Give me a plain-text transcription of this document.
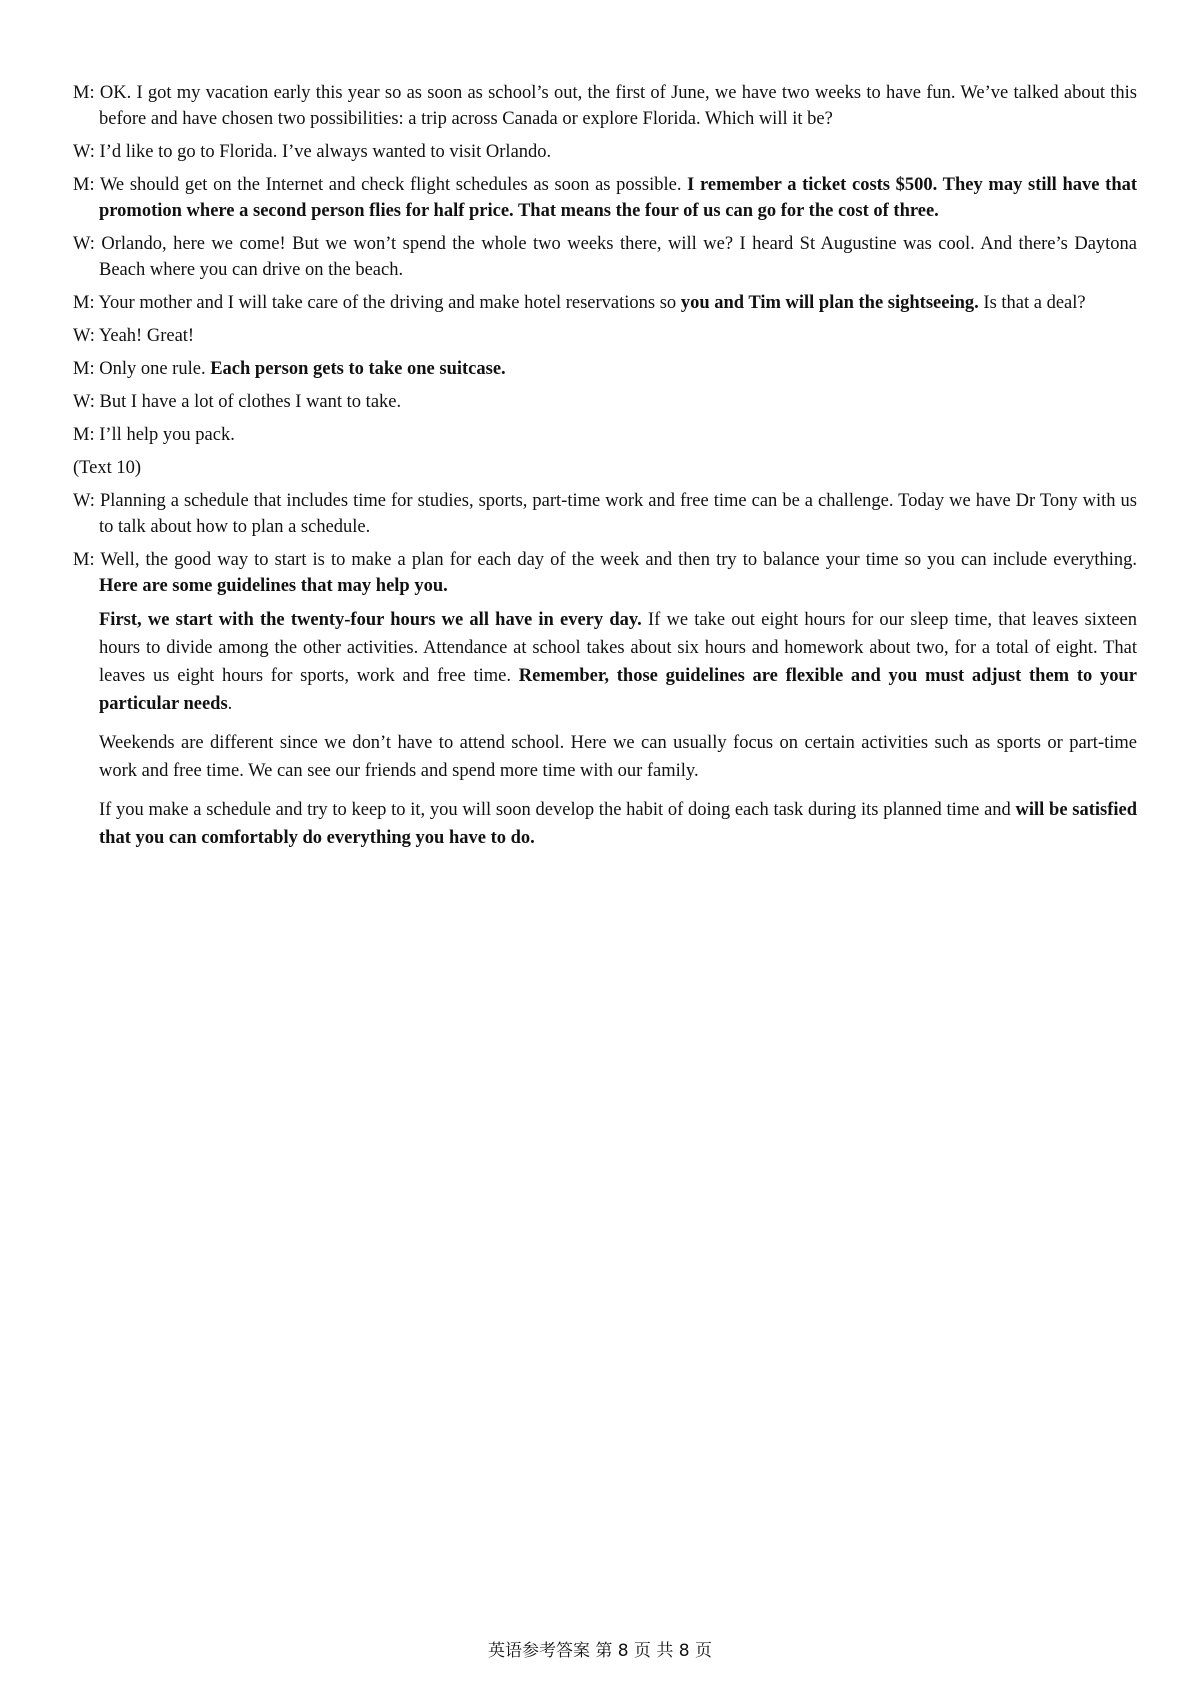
M: OK. I got my vacation early this year so as soon as school’s out, the first of June, we have two weeks to have fun. We’ve talked about this before and have chosen two possibilities: a trip across Canada or explore Florida. Which will it be?

W: I’d like to go to Florida. I’ve always wanted to visit Orlando.

M: We should get on the Internet and check flight schedules as soon as possible. I remember a ticket costs $500. They may still have that promotion where a second person flies for half price. That means the four of us can go for the cost of three.

W: Orlando, here we come! But we won’t spend the whole two weeks there, will we? I heard St Augustine was cool. And there’s Daytona Beach where you can drive on the beach.

M: Your mother and I will take care of the driving and make hotel reservations so you and Tim will plan the sightseeing. Is that a deal?

W: Yeah! Great!

M: Only one rule. Each person gets to take one suitcase.

W: But I have a lot of clothes I want to take.

M: I’ll help you pack.

(Text 10)

W: Planning a schedule that includes time for studies, sports, part-time work and free time can be a challenge. Today we have Dr Tony with us to talk about how to plan a schedule.

M: Well, the good way to start is to make a plan for each day of the week and then try to balance your time so you can include everything. Here are some guidelines that may help you.

First, we start with the twenty-four hours we all have in every day. If we take out eight hours for our sleep time, that leaves sixteen hours to divide among the other activities. Attendance at school takes about six hours and homework about two, for a total of eight. That leaves us eight hours for sports, work and free time. Remember, those guidelines are flexible and you must adjust them to your particular needs.

Weekends are different since we don’t have to attend school. Here we can usually focus on certain activities such as sports or part-time work and free time. We can see our friends and spend more time with our family.

If you make a schedule and try to keep to it, you will soon develop the habit of doing each task during its planned time and will be satisfied that you can comfortably do everything you have to do.

英语参考答案 第 8 页 共 8 页
